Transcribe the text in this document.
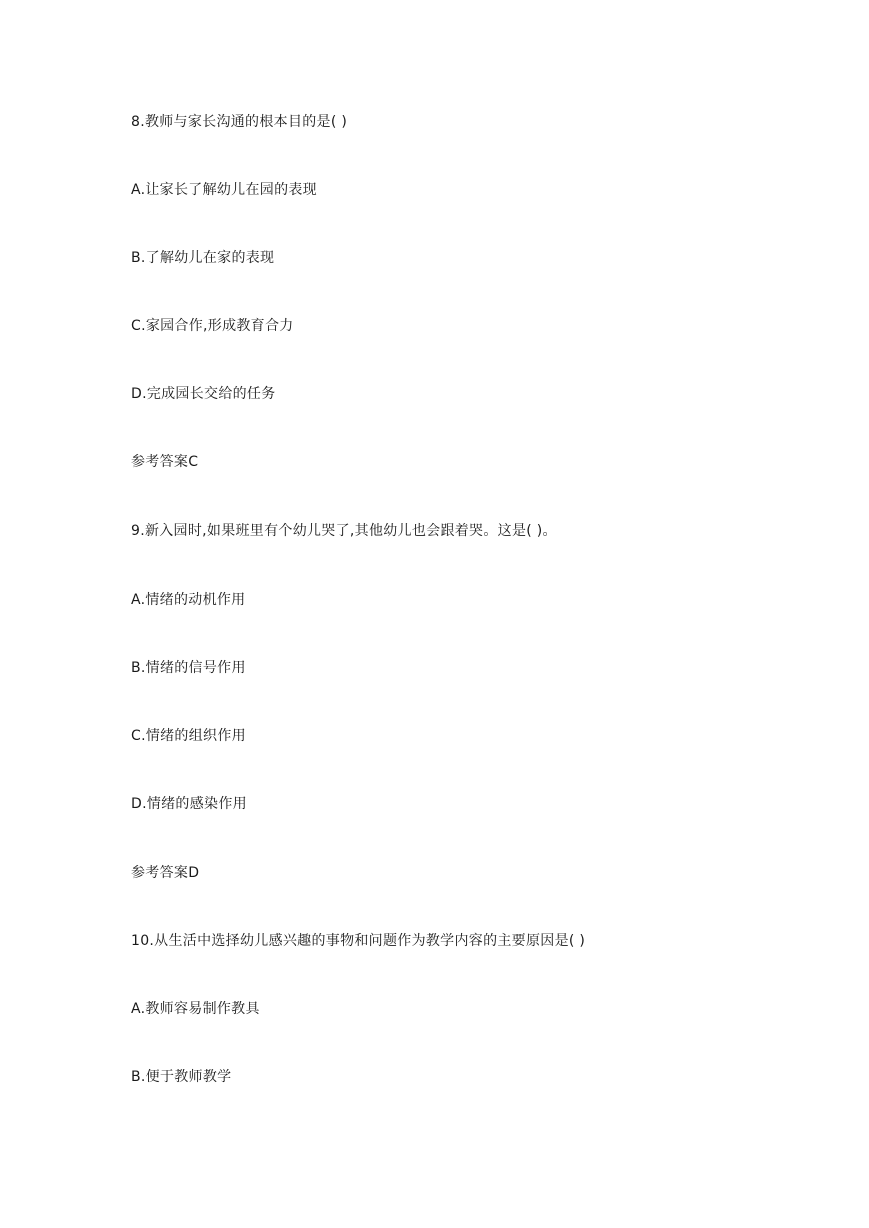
8.教师与家长沟通的根本目的是( )
A.让家长了解幼儿在园的表现
B.了解幼儿在家的表现
C.家园合作,形成教育合力
D.完成园长交给的任务
参考答案C
9.新入园时,如果班里有个幼儿哭了,其他幼儿也会跟着哭。这是( )。
A.情绪的动机作用
B.情绪的信号作用
C.情绪的组织作用
D.情绪的感染作用
参考答案D
10.从生活中选择幼儿感兴趣的事物和问题作为教学内容的主要原因是( )
A.教师容易制作教具
B.便于教师教学
